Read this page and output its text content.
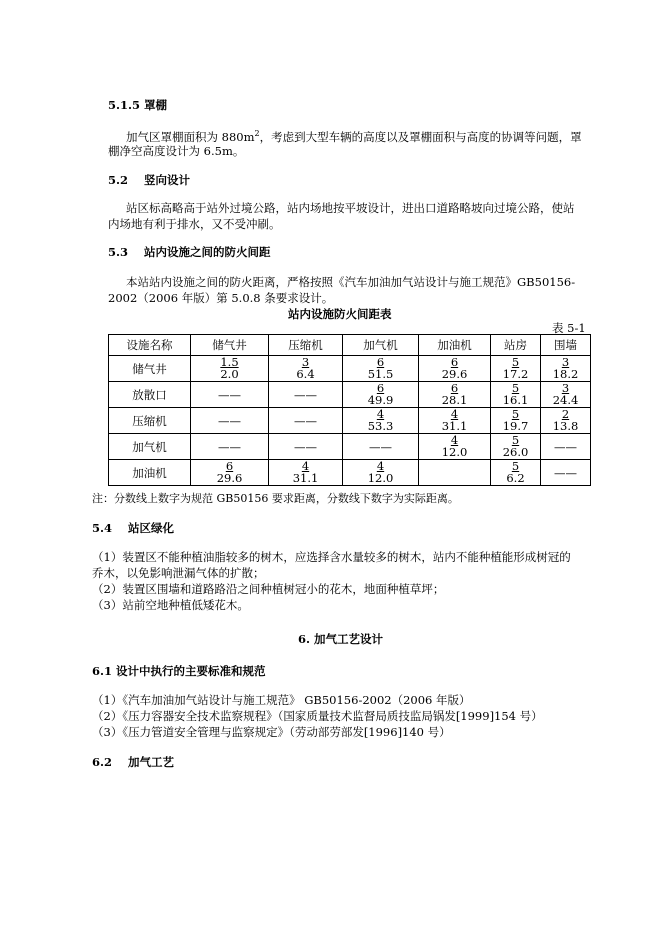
5.1.5 罩棚
加气区罩棚面积为 $880m^2$，考虑到大型车辆的高度以及罩棚面积与高度的协调等问题，罩
棚净空高度设计为 6.5m。
5.2 竖向设计
站区标高略高于站外过境公路，站内场地按平坡设计，进出口道路略坡向过境公路，使站
内场地有利于排水，又不受冲刷。
5.3 站内设施之间的防火间距
本站站内设施之间的防火距离，严格按照《汽车加油加气站设计与施工规范》GB50156-
2002（2006 年版）第 5.0.8 条要求设计。
站内设施防火间距表
表 5-1
设施名称	储气井	压缩机	加气机	加油机	站房	围墙
储气井	$\frac{1.5}{2.0}$	$\frac{3}{6.4}$	$\frac{6}{51.5}$	$\frac{6}{29.6}$	$\frac{5}{17.2}$	$\frac{3}{18.2}$

放散口	——	——	$\frac{6}{49.9}$	$\frac{6}{28.1}$	$\frac{5}{16.1}$	$\frac{3}{24.4}$

压缩机	——	——	$\frac{4}{53.3}$	$\frac{4}{31.1}$	$\frac{5}{19.7}$	$\frac{2}{13.8}$

加气机	——	——	——	$\frac{4}{12.0}$	$\frac{5}{26.0}$	——
加油机	$\frac{6}{29.6}$	$\frac{4}{31.1}$	$\frac{4}{12.0}$		$\frac{5}{6.2}$	——
注：分数线上数字为规范 GB50156 要求距离，分数线下数字为实际距离。
5.4 站区绿化
（1）装置区不能种植油脂较多的树木，应选择含水量较多的树木，站内不能种植能形成树冠的
乔木，以免影响泄漏气体的扩散；
（2）装置区围墙和道路路沿之间种植树冠小的花木，地面种植草坪；
（3）站前空地种植低矮花木。
6. 加气工艺设计
6.1 设计中执行的主要标准和规范
（1）《汽车加油加气站设计与施工规范》 GB50156-2002（2006 年版）
（2）《压力容器安全技术监察规程》（国家质量技术监督局质技监局锅发[1999]154 号）
（3）《压力管道安全管理与监察规定》（劳动部劳部发[1996]140 号）
6.2 加气工艺
